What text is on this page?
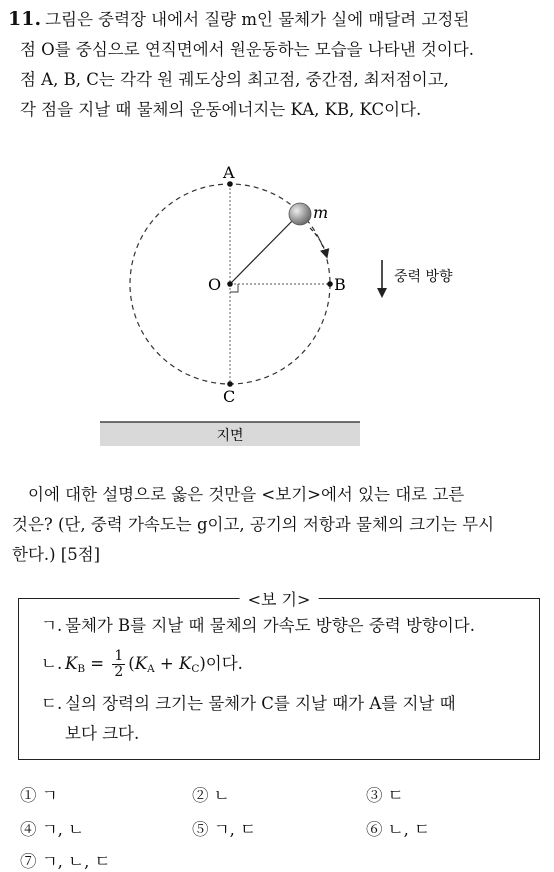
11. 그림은 중력장 내에서 질량 m인 물체가 실에 매달려 고정된
점 O를 중심으로 연직면에서 원운동하는 모습을 나타낸 것이다.
점 A, B, C는 각각 원 궤도상의 최고점, 중간점, 최저점이고,
각 점을 지날 때 물체의 운동에너지는 KA, KB, KC이다.
A
B
C
O
m
중력 방향
지면
이에 대한 설명으로 옳은 것만을 <보기>에서 있는 대로 고른
것은? (단, 중력 가속도는 g이고, 공기의 저항과 물체의 크기는 무시
한다.) [5점]
<보 기>
ㄱ. 물체가 B를 지날 때 물체의 가속도 방향은 중력 방향이다.
ㄴ. $K_B = \frac{1}{2} (K_A + K_C)$이다.
ㄷ. 실의 장력의 크기는 물체가 C를 지날 때가 A를 지날 때
보다 크다.
① ㄱ	② ㄴ	③ ㄷ
④ ㄱ, ㄴ	⑤ ㄱ, ㄷ	⑥ ㄴ, ㄷ
⑦ ㄱ, ㄴ, ㄷ
